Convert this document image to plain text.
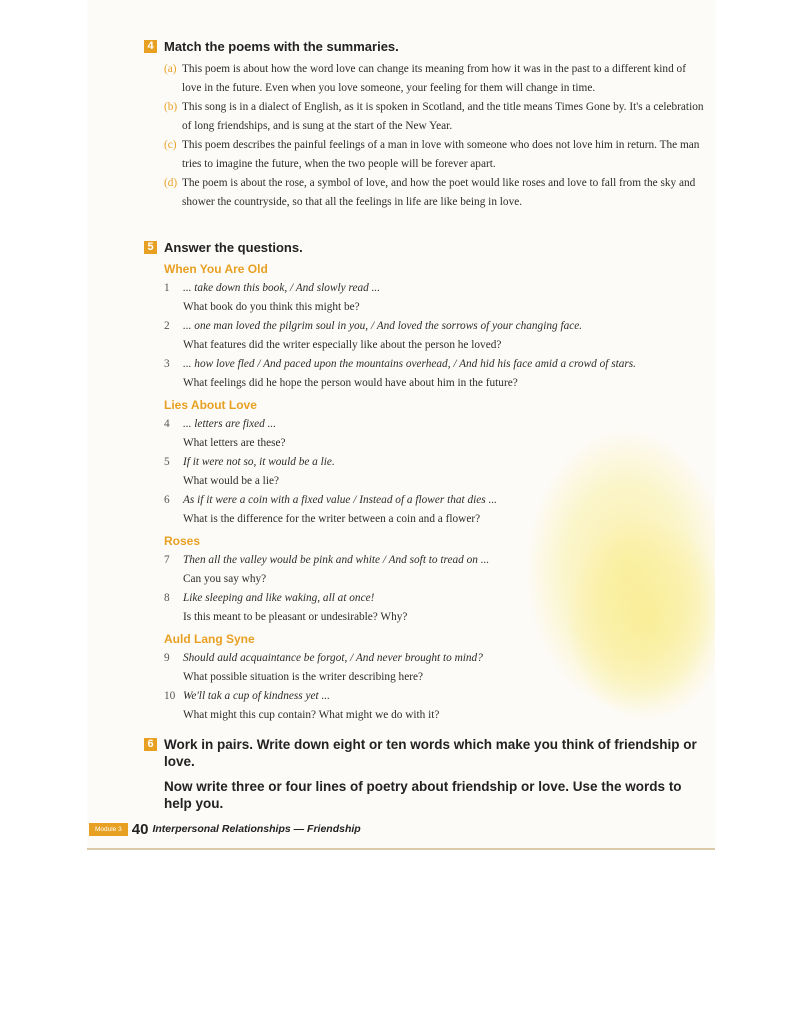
4 Match the poems with the summaries.
(a) This poem is about how the word love can change its meaning from how it was in the past to a different kind of love in the future. Even when you love someone, your feeling for them will change in time.
(b) This song is in a dialect of English, as it is spoken in Scotland, and the title means Times Gone by. It's a celebration of long friendships, and is sung at the start of the New Year.
(c) This poem describes the painful feelings of a man in love with someone who does not love him in return. The man tries to imagine the future, when the two people will be forever apart.
(d) The poem is about the rose, a symbol of love, and how the poet would like roses and love to fall from the sky and shower the countryside, so that all the feelings in life are like being in love.
5 Answer the questions.
When You Are Old
1	... take down this book, / And slowly read ...
What book do you think this might be?
2	... one man loved the pilgrim soul in you, / And loved the sorrows of your changing face.
What features did the writer especially like about the person he loved?
3	... how love fled / And paced upon the mountains overhead, / And hid his face amid a crowd of stars.
What feelings did he hope the person would have about him in the future?
Lies About Love
4	... letters are fixed ...
What letters are these?
5	If it were not so, it would be a lie.
What would be a lie?
6	As if it were a coin with a fixed value / Instead of a flower that dies ...
What is the difference for the writer between a coin and a flower?
Roses
7	Then all the valley would be pink and white / And soft to tread on ...
Can you say why?
8	Like sleeping and like waking, all at once!
Is this meant to be pleasant or undesirable? Why?
Auld Lang Syne
9	Should auld acquaintance be forgot, / And never brought to mind?
What possible situation is the writer describing here?
10 We'll tak a cup of kindness yet ...
What might this cup contain? What might we do with it?
6 Work in pairs. Write down eight or ten words which make you think of friendship or love.
Now write three or four lines of poetry about friendship or love. Use the words to help you.
Module 3 40 Interpersonal Relationships — Friendship
